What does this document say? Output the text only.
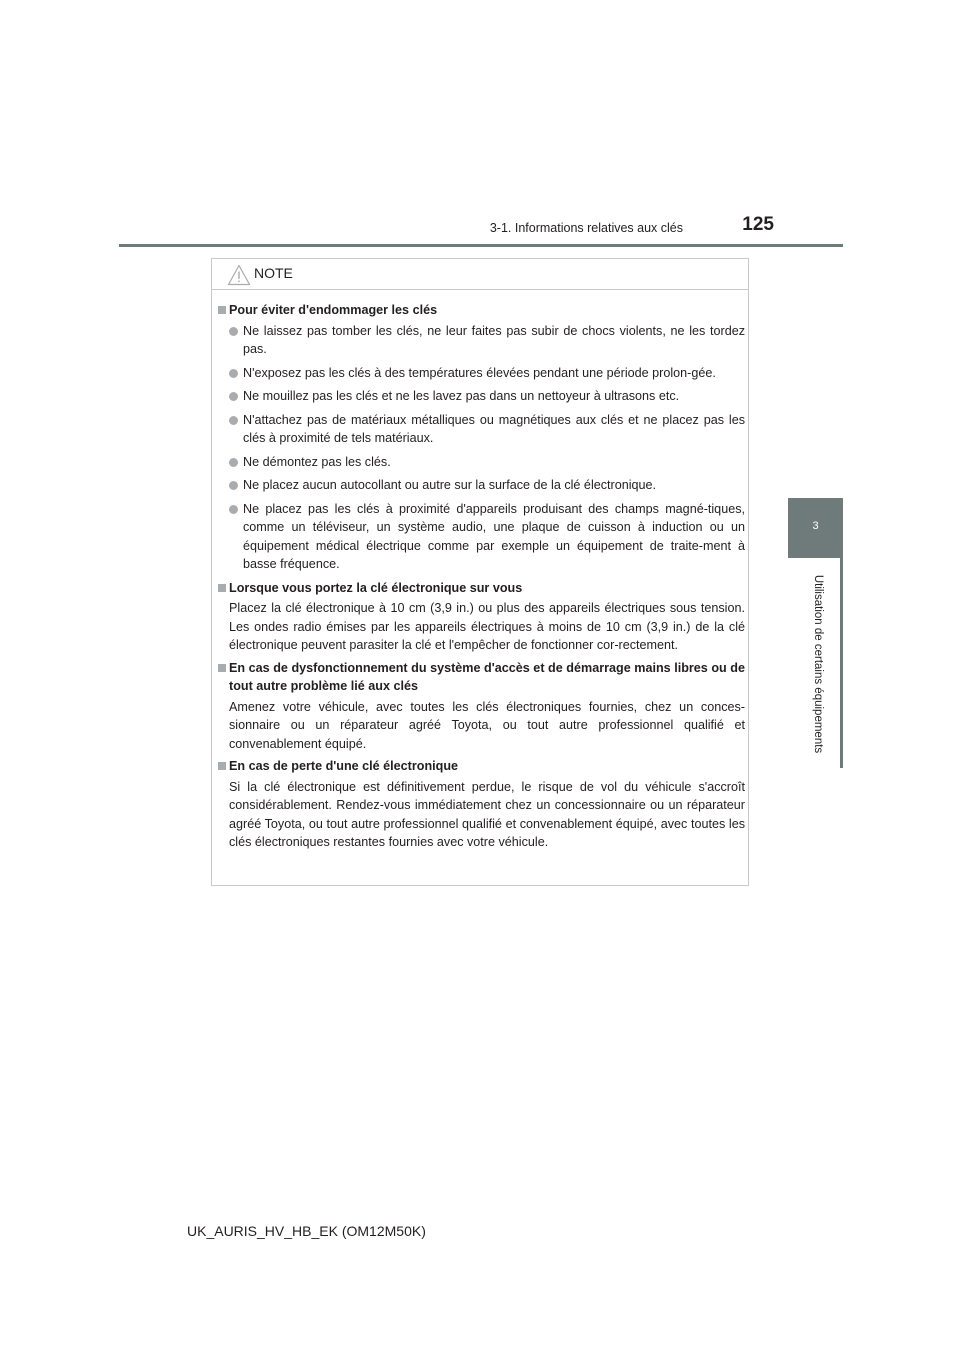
3-1. Informations relatives aux clés	125
3
Utilisation de certains équipements
NOTE
Pour éviter d'endommager les clés
Ne laissez pas tomber les clés, ne leur faites pas subir de chocs violents, ne les tordez pas.
N'exposez pas les clés à des températures élevées pendant une période prolon-gée.
Ne mouillez pas les clés et ne les lavez pas dans un nettoyeur à ultrasons etc.
N'attachez pas de matériaux métalliques ou magnétiques aux clés et ne placez pas les clés à proximité de tels matériaux.
Ne démontez pas les clés.
Ne placez aucun autocollant ou autre sur la surface de la clé électronique.
Ne placez pas les clés à proximité d'appareils produisant des champs magné-tiques, comme un téléviseur, un système audio, une plaque de cuisson à induction ou un équipement médical électrique comme par exemple un équipement de traite-ment à basse fréquence.
Lorsque vous portez la clé électronique sur vous
Placez la clé électronique à 10 cm (3,9 in.) ou plus des appareils électriques sous tension. Les ondes radio émises par les appareils électriques à moins de 10 cm (3,9 in.) de la clé électronique peuvent parasiter la clé et l'empêcher de fonctionner cor-rectement.
En cas de dysfonctionnement du système d'accès et de démarrage mains libres ou de tout autre problème lié aux clés
Amenez votre véhicule, avec toutes les clés électroniques fournies, chez un conces-sionnaire ou un réparateur agréé Toyota, ou tout autre professionnel qualifié et convenablement équipé.
En cas de perte d'une clé électronique
Si la clé électronique est définitivement perdue, le risque de vol du véhicule s'accroît considérablement. Rendez-vous immédiatement chez un concessionnaire ou un réparateur agréé Toyota, ou tout autre professionnel qualifié et convenablement équipé, avec toutes les clés électroniques restantes fournies avec votre véhicule.
UK_AURIS_HV_HB_EK (OM12M50K)
